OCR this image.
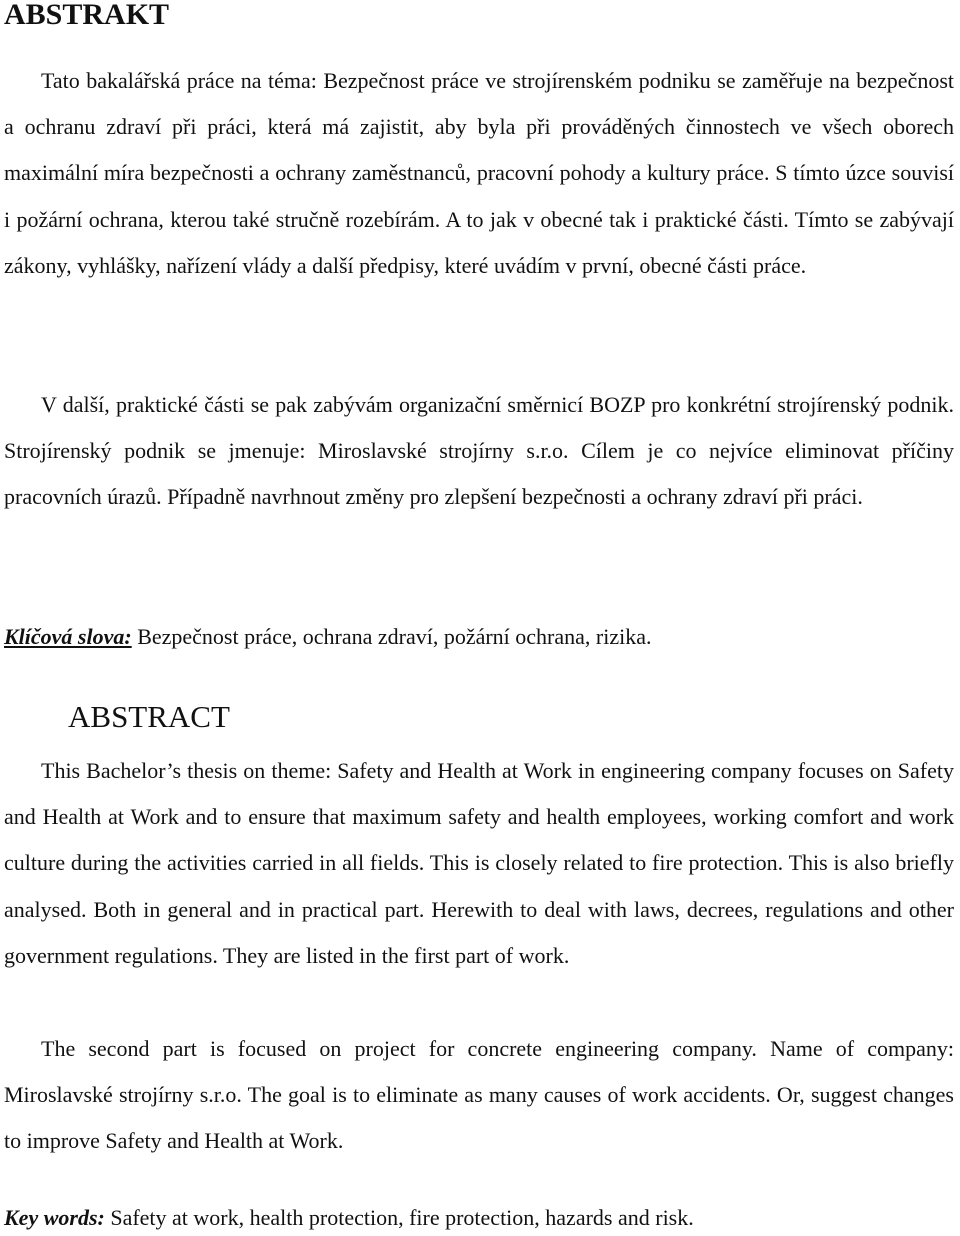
ABSTRAKT

Tato bakalářská práce na téma: Bezpečnost práce ve strojírenském podniku se zaměřuje na bezpečnost a ochranu zdraví při práci, která má zajistit, aby byla při prováděných činnostech ve všech oborech maximální míra bezpečnosti a ochrany zaměstnanců, pracovní pohody a kultury práce. S tímto úzce souvisí i požární ochrana, kterou také stručně rozebírám. A to jak v obecné tak i praktické části. Tímto se zabývají zákony, vyhlášky, nařízení vlády a další předpisy, které uvádím v první, obecné části práce.

V další, praktické části se pak zabývám organizační směrnicí BOZP pro konkrétní strojírenský podnik. Strojírenský podnik se jmenuje: Miroslavské strojírny s.r.o. Cílem je co nejvíce eliminovat příčiny pracovních úrazů. Případně navrhnout změny pro zlepšení bezpečnosti a ochrany zdraví při práci.

Klíčová slova: Bezpečnost práce, ochrana zdraví, požární ochrana, rizika.

ABSTRACT

This Bachelor’s thesis on theme: Safety and Health at Work in engineering company focuses on Safety and Health at Work and to ensure that maximum safety and health employees, working comfort and work culture during the activities carried in all fields. This is closely related to fire protection. This is also briefly analysed. Both in general and in practical part. Herewith to deal with laws, decrees, regulations and other government regulations. They are listed in the first part of work.

The second part is focused on project for concrete engineering company. Name of company: Miroslavské strojírny s.r.o. The goal is to eliminate as many causes of work accidents. Or, suggest changes to improve Safety and Health at Work.

Key words: Safety at work, health protection, fire protection, hazards and risk.
